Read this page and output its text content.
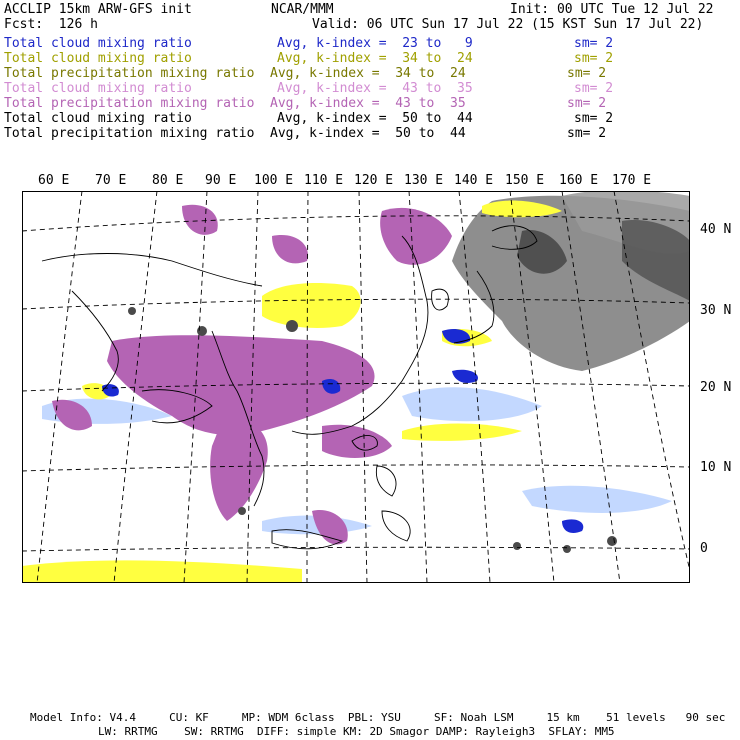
ACCLIP 15km ARW-GFS init	NCAR/MMM	Init: 00 UTC Tue 12 Jul 22
Fcst:  126 h	Valid: 06 UTC Sun 17 Jul 22 (15 KST Sun 17 Jul 22)
Total cloud mixing ratio	Avg, k-index =  23 to   9	sm= 2
Total cloud mixing ratio	Avg, k-index =  34 to  24	sm= 2
Total precipitation mixing ratio Avg, k-index =  34 to  24	sm= 2
Total cloud mixing ratio	Avg, k-index =  43 to  35	sm= 2
Total precipitation mixing ratio Avg, k-index =  43 to  35	sm= 2
Total cloud mixing ratio	Avg, k-index =  50 to  44	sm= 2
Total precipitation mixing ratio Avg, k-index =  50 to  44	sm= 2
60 E 70 E 80 E 90 E 100 E 110 E 120 E 130 E 140 E 150 E 160 E 170 E
40 N
30 N
20 N
10 N
0
Model Info: V4.4     CU: KF     MP: WDM 6class  PBL: YSU     SF: Noah LSM     15 km    51 levels   90 sec
LW: RRTMG    SW: RRTMG  DIFF: simple KM: 2D Smagor DAMP: Rayleigh3  SFLAY: MM5
